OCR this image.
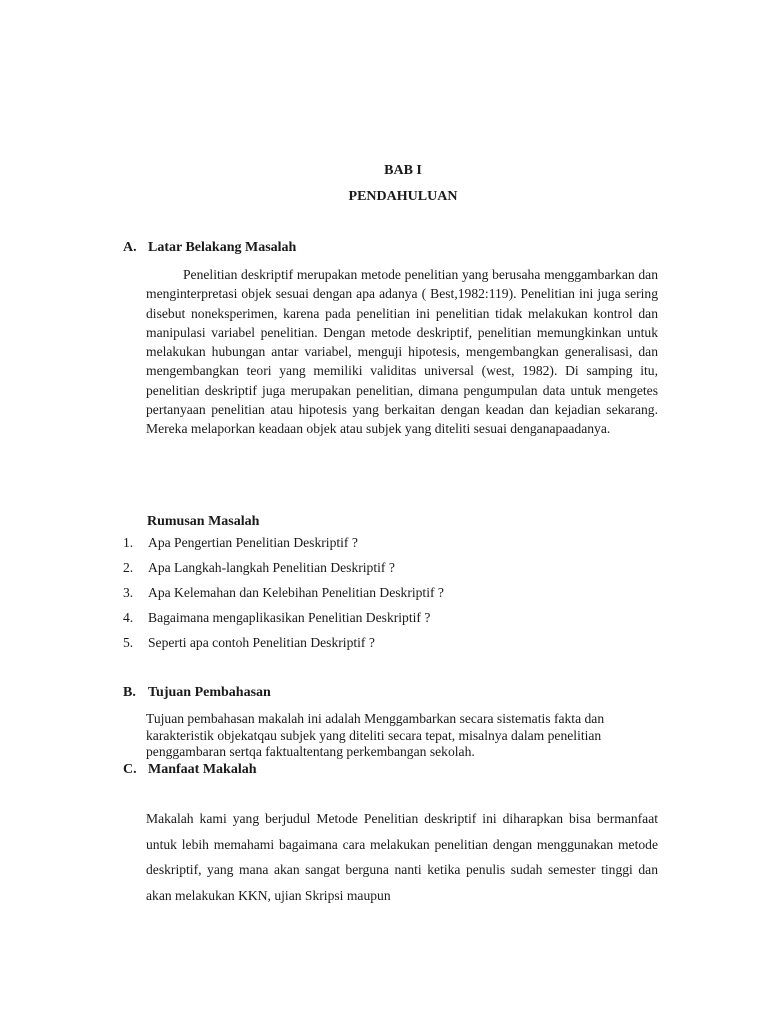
BAB I
PENDAHULUAN
A. Latar Belakang Masalah

Penelitian deskriptif merupakan metode penelitian yang berusaha menggambarkan dan menginterpretasi objek sesuai dengan apa adanya ( Best,1982:119). Penelitian ini juga sering disebut noneksperimen, karena pada penelitian ini penelitian tidak melakukan kontrol dan manipulasi variabel penelitian. Dengan metode deskriptif, penelitian memungkinkan untuk melakukan hubungan antar variabel, menguji hipotesis, mengembangkan generalisasi, dan mengembangkan teori yang memiliki validitas universal (west, 1982). Di samping itu, penelitian deskriptif juga merupakan penelitian, dimana pengumpulan data untuk mengetes pertanyaan penelitian atau hipotesis yang berkaitan dengan keadan dan kejadian sekarang. Mereka melaporkan keadaan objek atau subjek yang diteliti sesuai denganapaadanya.

Rumusan Masalah
1. Apa Pengertian Penelitian Deskriptif ?
2. Apa Langkah-langkah Penelitian Deskriptif ?
3. Apa Kelemahan dan Kelebihan Penelitian Deskriptif ?
4. Bagaimana mengaplikasikan Penelitian Deskriptif ?
5. Seperti apa contoh Penelitian Deskriptif ?
B. Tujuan Pembahasan

Tujuan pembahasan makalah ini adalah Menggambarkan secara sistematis fakta dan karakteristik objekatqau subjek yang diteliti secara tepat, misalnya dalam penelitian penggambaran sertqa faktualtentang perkembangan sekolah.

C. Manfaat Makalah

Makalah kami yang berjudul Metode Penelitian deskriptif ini diharapkan bisa bermanfaat untuk lebih memahami bagaimana cara melakukan penelitian dengan menggunakan metode deskriptif, yang mana akan sangat berguna nanti ketika penulis sudah semester tinggi dan akan melakukan KKN, ujian Skripsi maupun
